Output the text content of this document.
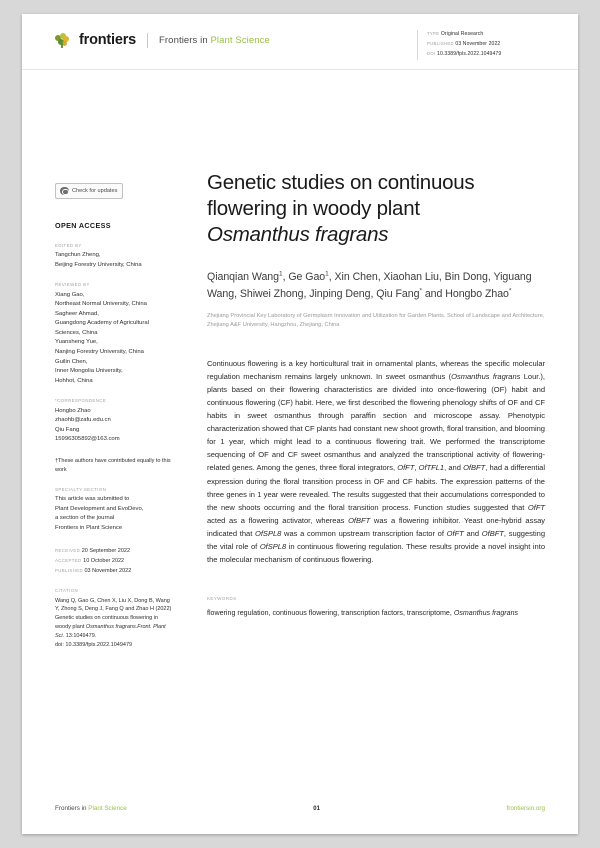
frontiers Frontiers in Plant Science
TYPE Original Research
PUBLISHED 03 November 2022
DOI 10.3389/fpls.2022.1049479
Check for updates
OPEN ACCESS
EDITED BY
Tangchun Zheng,
Beijing Forestry University, China
REVIEWED BY
Xiang Gao,
Northeast Normal University, China
Sagheer Ahmad,
Guangdong Academy of Agricultural
Sciences, China
Yuansheng Yue,
Nanjing Forestry University, China
Guilin Chen,
Inner Mongolia University,
Hohhot, China
*CORRESPONDENCE
Hongbo Zhao
zhaohb@zafu.edu.cn
Qiu Fang
15996305892@163.com
†These authors have contributed equally to this work
SPECIALTY SECTION
This article was submitted to
Plant Development and EvoDevo,
a section of the journal
Frontiers in Plant Science
RECEIVED 20 September 2022
ACCEPTED 10 October 2022
PUBLISHED 03 November 2022
CITATION
Wang Q, Gao G, Chen X, Liu X, Dong B, Wang Y, Zhong S, Deng J, Fang Q and Zhao H (2022) Genetic studies on continuous flowering in woody plant Osmanthus fragrans.Front. Plant Sci. 13:1049479.
doi: 10.3389/fpls.2022.1049479
Genetic studies on continuous
flowering in woody plant
Osmanthus fragrans
Qianqian Wang$^1$, Ge Gao$^1$, Xin Chen, Xiaohan Liu, Bin Dong, Yiguang Wang, Shiwei Zhong, Jinping Deng, Qiu Fang* and Hongbo Zhao*
Zhejiang Provincial Key Laboratory of Germplasm Innovation and Utilization for Garden Plants, School of Landscape and Architecture, Zhejiang A&F University, Hangzhou, Zhejiang, China
Continuous flowering is a key horticultural trait in ornamental plants, whereas the specific molecular regulation mechanism remains largely unknown. In sweet osmanthus (Osmanthus fragrans Lour.), plants based on their flowering characteristics are divided into once-flowering (OF) habit and continuous flowering (CF) habit. Here, we first described the flowering phenology shifts of OF and CF habits in sweet osmanthus through paraffin section and microscope assay. Phenotypic characterization showed that CF plants had constant new shoot growth, floral transition, and blooming for 1 year, which might lead to a continuous flowering trait. We performed the transcriptome sequencing of OF and CF sweet osmanthus and analyzed the transcriptional activity of flowering-related genes. Among the genes, three floral integrators, OfFT, OfTFL1, and OfBFT, had a differential expression during the floral transition process in OF and CF habits. The expression patterns of the three genes in 1 year were revealed. The results suggested that their accumulations corresponded to the new shoots occurring and the floral transition process. Function studies suggested that OfFT acted as a flowering activator, whereas OfBFT was a flowering inhibitor. Yeast one-hybrid assay indicated that OfSPL8 was a common upstream transcription factor of OfFT and OfBFT, suggesting the vital role of OfSPL8 in continuous flowering regulation. These results provide a novel insight into the molecular mechanism of continuous flowering.
KEYWORDS
flowering regulation, continuous flowering, transcription factors, transcriptome, Osmanthus fragrans
Frontiers in Plant Science	01	frontiersin.org
